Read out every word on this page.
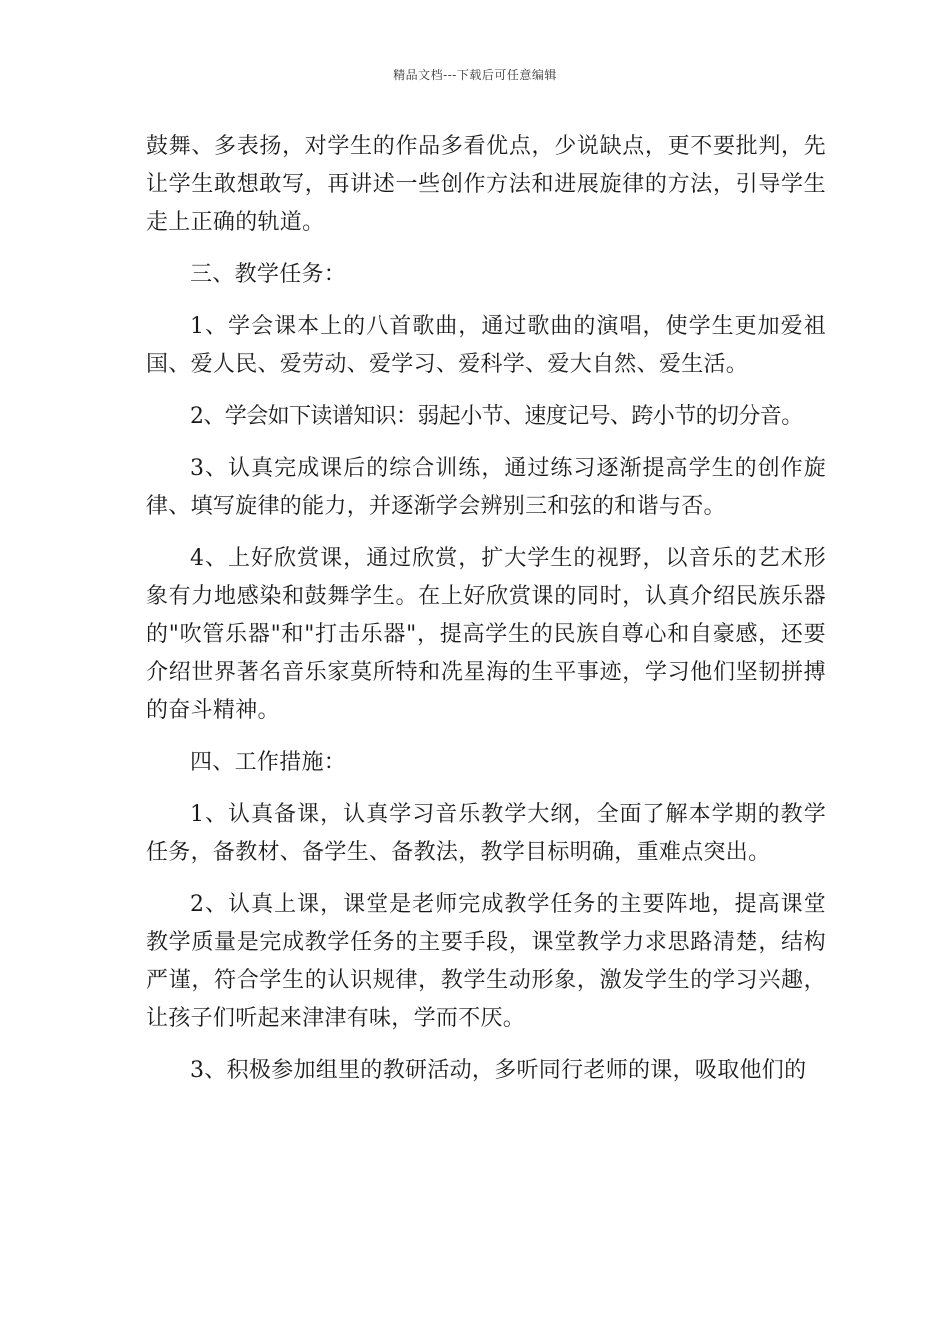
精品文档---下载后可任意编辑

鼓舞、多表扬，对学生的作品多看优点，少说缺点，更不要批判，先让学生敢想敢写，再讲述一些创作方法和进展旋律的方法，引导学生走上正确的轨道。

三、教学任务：

1、学会课本上的八首歌曲，通过歌曲的演唱，使学生更加爱祖国、爱人民、爱劳动、爱学习、爱科学、爱大自然、爱生活。

2、学会如下读谱知识：弱起小节、速度记号、跨小节的切分音。

3、认真完成课后的综合训练，通过练习逐渐提高学生的创作旋律、填写旋律的能力，并逐渐学会辨别三和弦的和谐与否。

4、上好欣赏课，通过欣赏，扩大学生的视野，以音乐的艺术形象有力地感染和鼓舞学生。在上好欣赏课的同时，认真介绍民族乐器的"吹管乐器"和"打击乐器"，提高学生的民族自尊心和自豪感，还要介绍世界著名音乐家莫所特和冼星海的生平事迹，学习他们坚韧拼搏的奋斗精神。

四、工作措施：

1、认真备课，认真学习音乐教学大纲，全面了解本学期的教学任务，备教材、备学生、备教法，教学目标明确，重难点突出。

2、认真上课，课堂是老师完成教学任务的主要阵地，提高课堂教学质量是完成教学任务的主要手段，课堂教学力求思路清楚，结构严谨，符合学生的认识规律，教学生动形象，激发学生的学习兴趣，让孩子们听起来津津有味，学而不厌。

3、积极参加组里的教研活动，多听同行老师的课，吸取他们的
